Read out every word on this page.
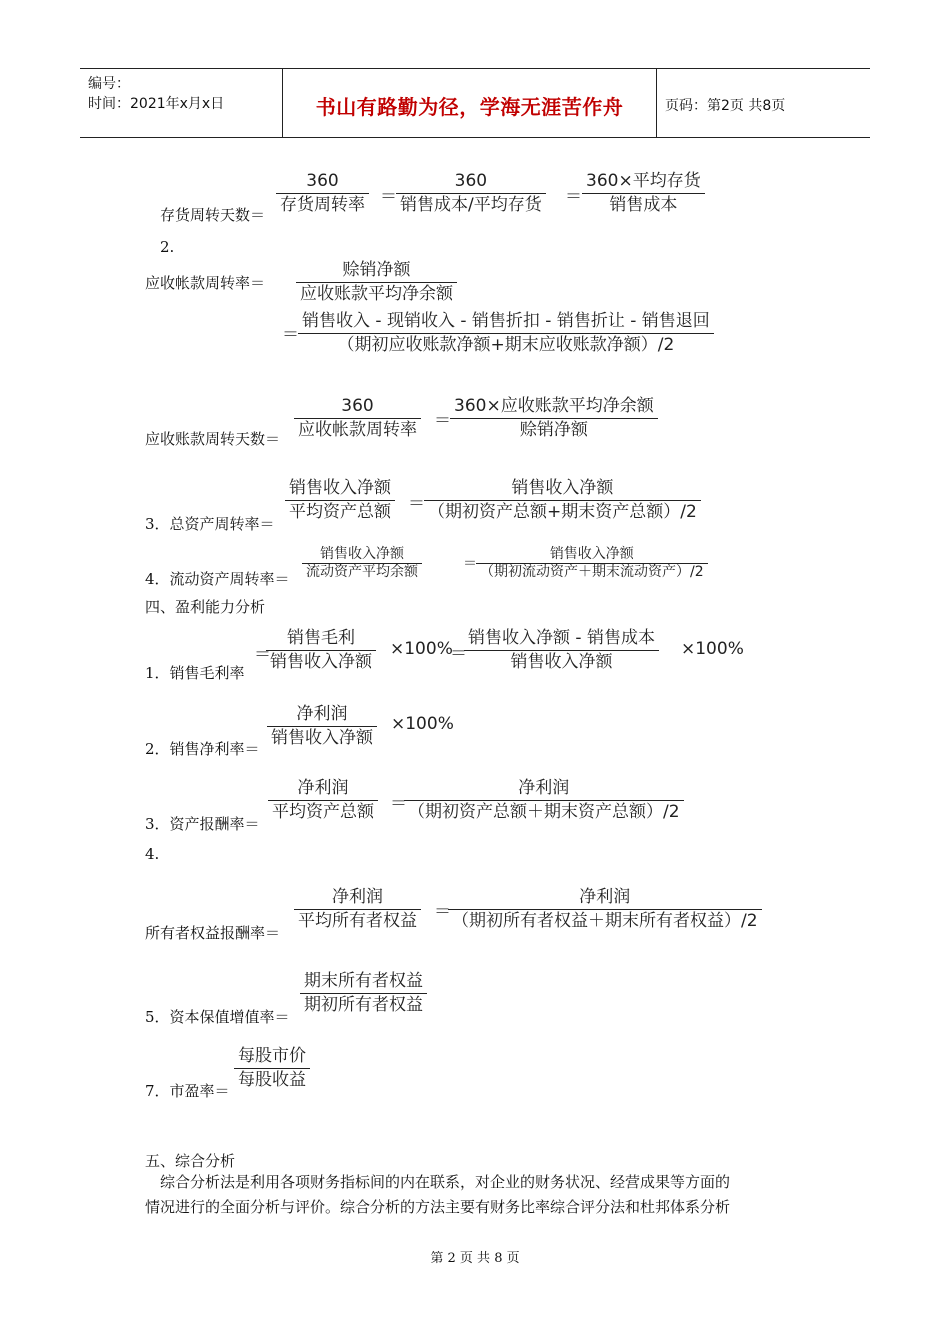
编号：
时间：2021年x月x日	书山有路勤为径，学海无涯苦作舟	页码：第2页 共8页
存货周转天数＝
360
存货周转率 ＝
360
销售成本/平均存货 ＝
360×平均存货
销售成本
2.
应收帐款周转率＝
赊销净额
应收账款平均净余额
＝
销售收入 - 现销收入 - 销售折扣 - 销售折让 - 销售退回
（期初应收账款净额+期末应收账款净额）/2
应收账款周转天数＝
360
应收帐款周转率 ＝
360×应收账款平均净余额
赊销净额
3．总资产周转率＝
销售收入净额
平均资产总额 ＝
销售收入净额
（期初资产总额+期末资产总额）/2
4．流动资产周转率＝
销售收入净额
流动资产平均余额	＝
销售收入净额
（期初流动资产＋期末流动资产）/2
四、盈利能力分析
1．销售毛利率
＝
销售毛利
销售收入净额
×100%
＝
销售收入净额 - 销售成本
销售收入净额
×100%
2．销售净利率＝
净利润
销售收入净额
×100%
3．资产报酬率＝
净利润
平均资产总额 ＝
净利润
（期初资产总额＋期末资产总额）/2
4.
所有者权益报酬率＝
净利润
平均所有者权益 ＝
净利润
（期初所有者权益＋期末所有者权益）/2
5．资本保值增值率＝
期末所有者权益
期初所有者权益
7．市盈率＝
每股市价
每股收益
五、综合分析
综合分析法是利用各项财务指标间的内在联系，对企业的财务状况、经营成果等方面的
情况进行的全面分析与评价。综合分析的方法主要有财务比率综合评分法和杜邦体系分析
第 2 页 共 8 页
